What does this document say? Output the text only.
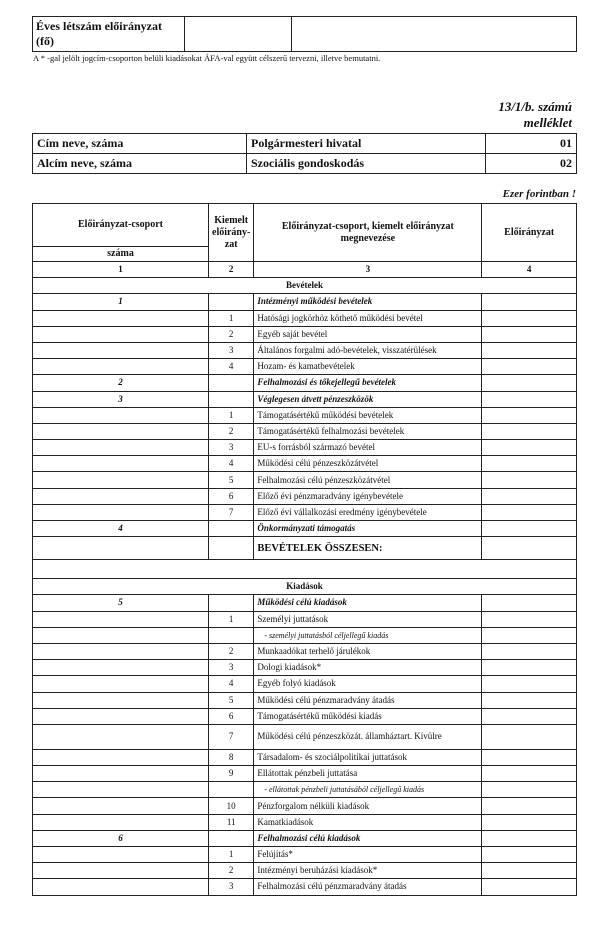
Éves létszám előirányzat (fő)		
A * -gal jelölt jogcím-csoporton belüli kiadásokat ÁFA-val együtt célszerű tervezni, illetve bemutatni.
13/1/b. számú
melléklet
Cím neve, száma	Polgármesteri hivatal	01
Alcím neve, száma	Szociális gondoskodás	02
Ezer forintban !
Előirányzat-csoport	Kiemelt előirány-zat	Előirányzat-csoport, kiemelt előirányzat megnevezése	Előirányzat
száma			
1	2	3	4
Bevételek			
1		Intézményi működési bevételek	
	1	Hatósági jogkörhöz köthető működési bevétel	
	2	Egyéb saját bevétel	
	3	Általános forgalmi adó-bevételek, visszatérülések	
	4	Hozam- és kamatbevételek	
2		Felhalmozási és tőkejellegű bevételek	
3		Véglegesen átvett pénzeszközök	
	1	Támogatásértékű működési bevételek	
	2	Támogatásértékű felhalmozási bevételek	
	3	EU-s forrásból származó bevétel	
	4	Működési célú pénzeszközátvétel	
	5	Felhalmozási célú pénzeszközátvétel	
	6	Előző évi pénzmaradvány igénybevétele	
	7	Előző évi vállalkozási eredmény igénybevétele	
4		Önkormányzati támogatás	
		BEVÉTELEK ÖSSZESEN:	

Kiadások			
5		Működési célú kiadások	
	1	Személyi juttatások	
		- személyi juttatásból céljellegű kiadás	
	2	Munkaadókat terhelő járulékok	
	3	Dologi kiadások*	
	4	Egyéb folyó kiadások	
	5	Működési célú pénzmaradvány átadás	
	6	Támogatásértékű működési kiadás	
	7	Működési célú pénzeszközát. államháztart. Kívülre	
	8	Társadalom- és szociálpolitikai juttatások	
	9	Ellátottak pénzbeli juttatása	
		- ellátottak pénzbeli juttatásából céljellegű kiadás	
	10	Pénzforgalom nélküli kiadások	
	11	Kamatkiadások	
6		Felhalmozási célú kiadások	
	1	Felújítás*	
	2	Intézményi beruházási kiadások*	
	3	Felhalmozási célú pénzmaradvány átadás	
